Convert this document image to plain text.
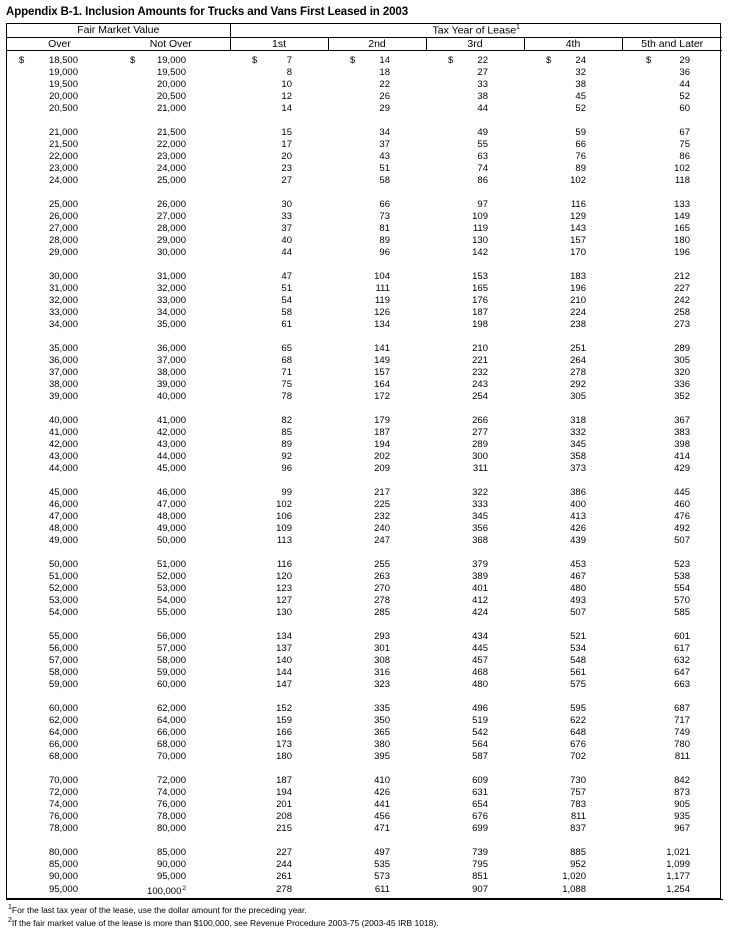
Appendix B-1. Inclusion Amounts for Trucks and Vans First Leased in 2003
Fair Market Value		Tax Year of Lease$^1$
Over	Not Over	1st	2nd	3rd	4th	5th and Later
$ 18,500	$ 19,000	$ 7	$ 14	$ 22	$ 24	$ 29

19,000	19,500	8	18	27	32	36

19,500	20,000	10	22	33	38	44

20,000	20,500	12	26	38	45	52

20,500	21,000	14	29	44	52	60

21,000	21,500	15	34	49	59	67

21,500	22,000	17	37	55	66	75

22,000	23,000	20	43	63	76	86

23,000	24,000	23	51	74	89	102

24,000	25,000	27	58	86	102	118

25,000	26,000	30	66	97	116	133

26,000	27,000	33	73	109	129	149

27,000	28,000	37	81	119	143	165

28,000	29,000	40	89	130	157	180

29,000	30,000	44	96	142	170	196

30,000	31,000	47	104	153	183	212

31,000	32,000	51	111	165	196	227

32,000	33,000	54	119	176	210	242

33,000	34,000	58	126	187	224	258

34,000	35,000	61	134	198	238	273

35,000	36,000	65	141	210	251	289

36,000	37,000	68	149	221	264	305

37,000	38,000	71	157	232	278	320

38,000	39,000	75	164	243	292	336

39,000	40,000	78	172	254	305	352

40,000	41,000	82	179	266	318	367

41,000	42,000	85	187	277	332	383

42,000	43,000	89	194	289	345	398

43,000	44,000	92	202	300	358	414

44,000	45,000	96	209	311	373	429

45,000	46,000	99	217	322	386	445

46,000	47,000	102	225	333	400	460

47,000	48,000	106	232	345	413	476

48,000	49,000	109	240	356	426	492

49,000	50,000	113	247	368	439	507

50,000	51,000	116	255	379	453	523

51,000	52,000	120	263	389	467	538

52,000	53,000	123	270	401	480	554

53,000	54,000	127	278	412	493	570

54,000	55,000	130	285	424	507	585

55,000	56,000	134	293	434	521	601

56,000	57,000	137	301	445	534	617

57,000	58,000	140	308	457	548	632

58,000	59,000	144	316	468	561	647

59,000	60,000	147	323	480	575	663

60,000	62,000	152	335	496	595	687

62,000	64,000	159	350	519	622	717

64,000	66,000	166	365	542	648	749

66,000	68,000	173	380	564	676	780

68,000	70,000	180	395	587	702	811

70,000	72,000	187	410	609	730	842

72,000	74,000	194	426	631	757	873

74,000	76,000	201	441	654	783	905

76,000	78,000	208	456	676	811	935

78,000	80,000	215	471	699	837	967

80,000	85,000	227	497	739	885	1,021

85,000	90,000	244	535	795	952	1,099

90,000	95,000	261	573	851	1,020	1,177

95,000	100,000$^2$	278	611	907	1,088	1,254
$^1$For the last tax year of the lease, use the dollar amount for the preceding year.
$^2$If the fair market value of the lease is more than $100,000, see Revenue Procedure 2003-75 (2003-45 IRB 1018).
